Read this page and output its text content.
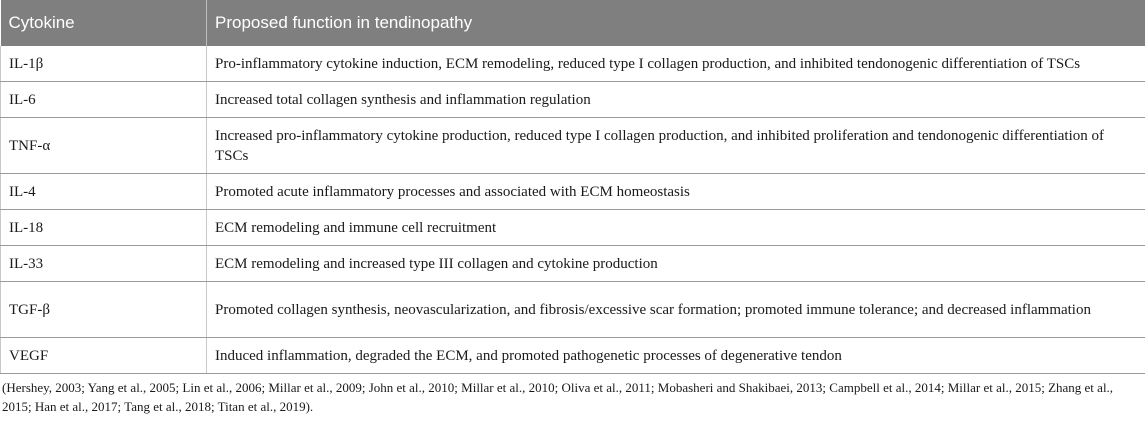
Cytokine	Proposed function in tendinopathy
IL-1β	Pro-inflammatory cytokine induction, ECM remodeling, reduced type I collagen production, and inhibited tendonogenic differentiation of TSCs
IL-6	Increased total collagen synthesis and inflammation regulation
TNF-α	Increased pro-inflammatory cytokine production, reduced type I collagen production, and inhibited proliferation and tendonogenic differentiation of TSCs
IL-4	Promoted acute inflammatory processes and associated with ECM homeostasis
IL-18	ECM remodeling and immune cell recruitment
IL-33	ECM remodeling and increased type III collagen and cytokine production
TGF-β	Promoted collagen synthesis, neovascularization, and fibrosis/excessive scar formation; promoted immune tolerance; and decreased inflammation
VEGF	Induced inflammation, degraded the ECM, and promoted pathogenetic processes of degenerative tendon
(Hershey, 2003; Yang et al., 2005; Lin et al., 2006; Millar et al., 2009; John et al., 2010; Millar et al., 2010; Oliva et al., 2011; Mobasheri and Shakibaei, 2013; Campbell et al., 2014; Millar et al., 2015; Zhang et al., 2015; Han et al., 2017; Tang et al., 2018; Titan et al., 2019).
